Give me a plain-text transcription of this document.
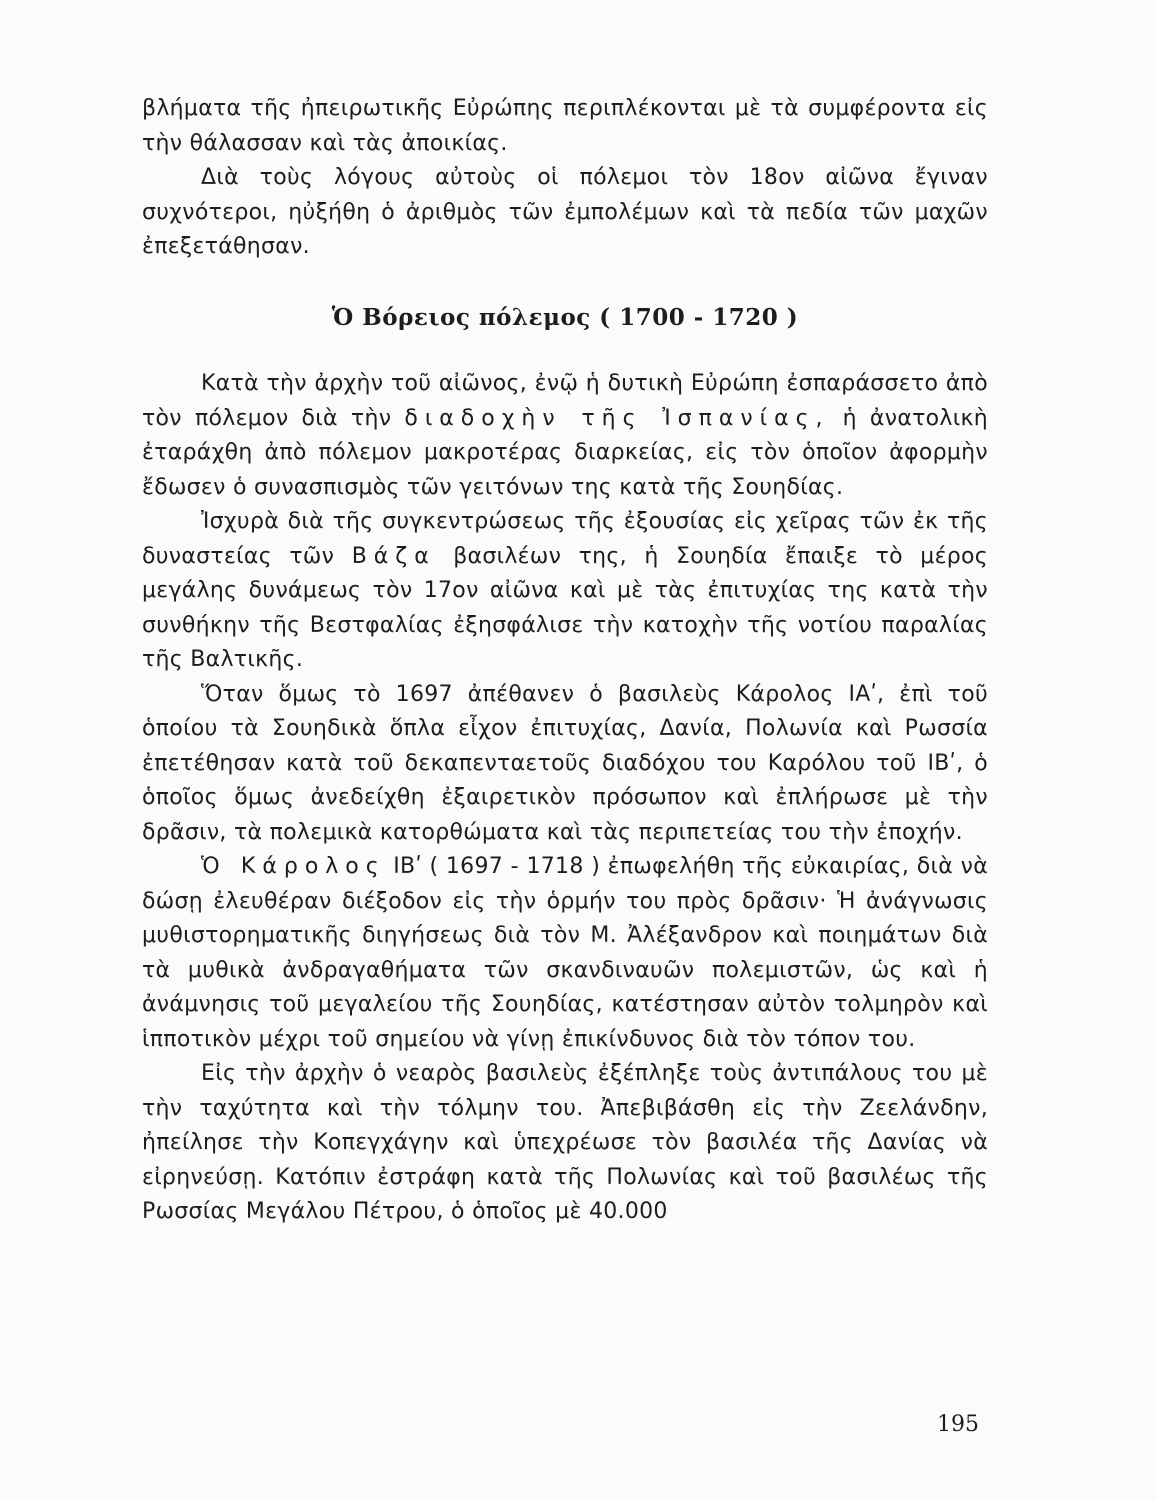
βλήματα τῆς ἠπειρωτικῆς Εὐρώπης περιπλέκονται μὲ τὰ συμφέροντα εἰς τὴν θάλασσαν καὶ τὰς ἀποικίας.

Διὰ τοὺς λόγους αὐτοὺς οἱ πόλεμοι τὸν 18ον αἰῶνα ἔγιναν συχνότεροι, ηὐξήθη ὁ ἀριθμὸς τῶν ἐμπολέμων καὶ τὰ πεδία τῶν μαχῶν ἐπεξετάθησαν.

Ὁ Βόρειος πόλεμος ( 1700 - 1720 )

Κατὰ τὴν ἀρχὴν τοῦ αἰῶνος, ἐνῷ ἡ δυτικὴ Εὐρώπη ἐσπαράσσετο ἀπὸ τὸν πόλεμον διὰ τὴν διαδοχὴν τῆς Ἰσπανίας, ἡ ἀνατολικὴ ἐταράχθη ἀπὸ πόλεμον μακροτέρας διαρκείας, εἰς τὸν ὁποῖον ἀφορμὴν ἔδωσεν ὁ συνασπισμὸς τῶν γειτόνων της κατὰ τῆς Σουηδίας.

Ἰσχυρὰ διὰ τῆς συγκεντρώσεως τῆς ἐξουσίας εἰς χεῖρας τῶν ἐκ τῆς δυναστείας τῶν Βάζα βασιλέων της, ἡ Σουηδία ἔπαιξε τὸ μέρος μεγάλης δυνάμεως τὸν 17ον αἰῶνα καὶ μὲ τὰς ἐπιτυχίας της κατὰ τὴν συνθήκην τῆς Βεστφαλίας ἐξησφάλισε τὴν κατοχὴν τῆς νοτίου παραλίας τῆς Βαλτικῆς.

Ὅταν ὅμως τὸ 1697 ἀπέθανεν ὁ βασιλεὺς Κάρολος ΙΑʹ, ἐπὶ τοῦ ὁποίου τὰ Σουηδικὰ ὅπλα εἶχον ἐπιτυχίας, Δανία, Πολωνία καὶ Ρωσσία ἐπετέθησαν κατὰ τοῦ δεκαπενταετοῦς διαδόχου του Καρόλου τοῦ ΙΒʹ, ὁ ὁποῖος ὅμως ἀνεδείχθη ἐξαιρετικὸν πρόσωπον καὶ ἐπλήρωσε μὲ τὴν δρᾶσιν, τὰ πολεμικὰ κατορθώματα καὶ τὰς περιπετείας του τὴν ἐποχήν.

Ὁ Κάρολος ΙΒʹ ( 1697 - 1718 ) ἐπωφελήθη τῆς εὐκαιρίας, διὰ νὰ δώσῃ ἐλευθέραν διέξοδον εἰς τὴν ὁρμήν του πρὸς δρᾶσιν· Ἡ ἀνάγνωσις μυθιστορηματικῆς διηγήσεως διὰ τὸν Μ. Ἀλέξανδρον καὶ ποιημάτων διὰ τὰ μυθικὰ ἀνδραγαθήματα τῶν σκανδιναυῶν πολεμιστῶν, ὡς καὶ ἡ ἀνάμνησις τοῦ μεγαλείου τῆς Σουηδίας, κατέστησαν αὐτὸν τολμηρὸν καὶ ἱπποτικὸν μέχρι τοῦ σημείου νὰ γίνῃ ἐπικίνδυνος διὰ τὸν τόπον του.

Εἰς τὴν ἀρχὴν ὁ νεαρὸς βασιλεὺς ἐξέπληξε τοὺς ἀντιπάλους του μὲ τὴν ταχύτητα καὶ τὴν τόλμην του. Ἀπεβιβάσθη εἰς τὴν Ζεελάνδην, ἠπείλησε τὴν Κοπεγχάγην καὶ ὑπεχρέωσε τὸν βασιλέα τῆς Δανίας νὰ εἰρηνεύσῃ. Κατόπιν ἐστράφη κατὰ τῆς Πολωνίας καὶ τοῦ βασιλέως τῆς Ρωσσίας Μεγάλου Πέτρου, ὁ ὁποῖος μὲ 40.000

195
